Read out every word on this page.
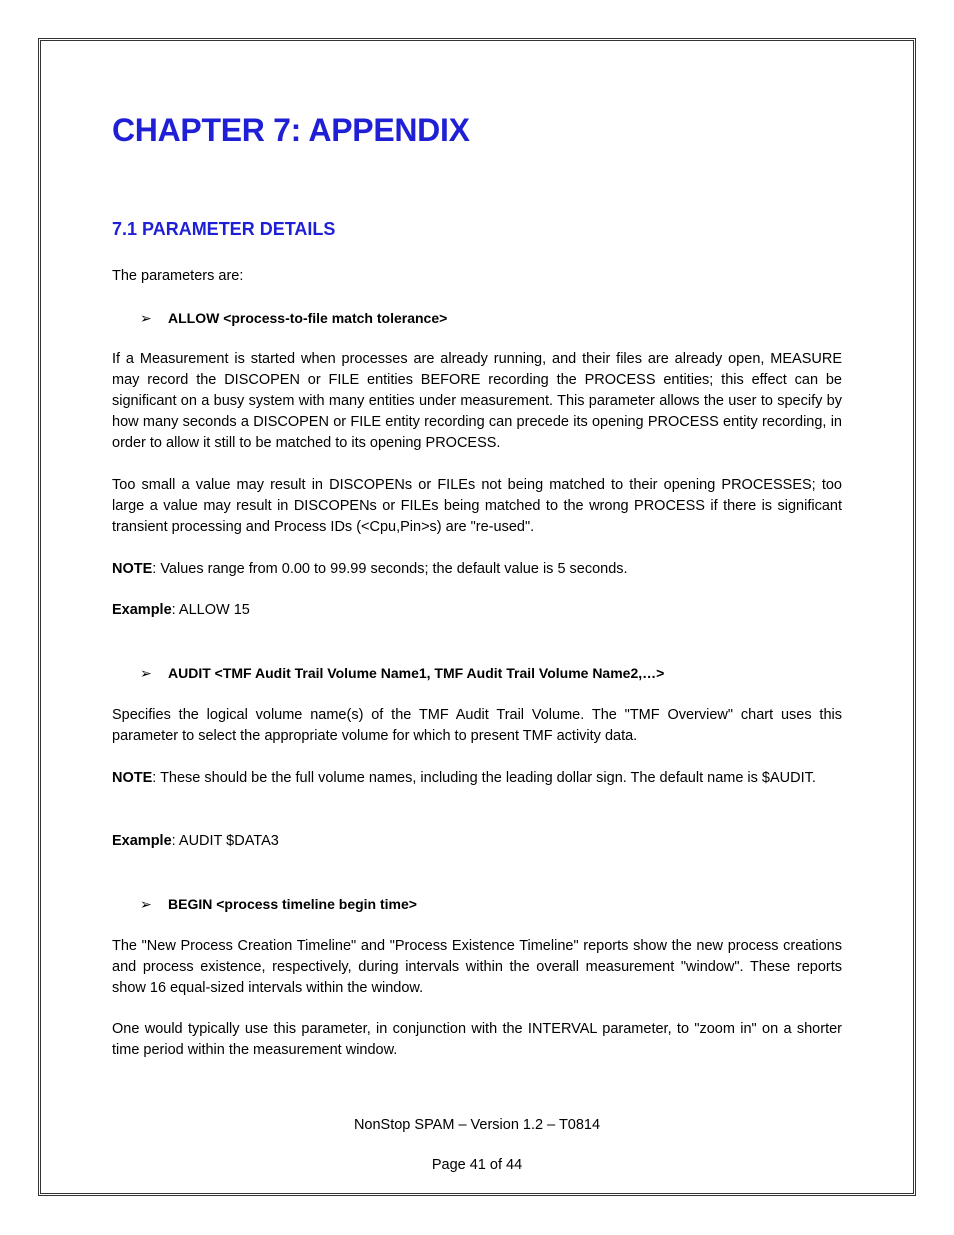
CHAPTER 7: APPENDIX
7.1 PARAMETER DETAILS

The parameters are:

➢ ALLOW <process-to-file match tolerance>

If a Measurement is started when processes are already running, and their files are already open, MEASURE may record the DISCOPEN or FILE entities BEFORE recording the PROCESS entities; this effect can be significant on a busy system with many entities under measurement. This parameter allows the user to specify by how many seconds a DISCOPEN or FILE entity recording can precede its opening PROCESS entity recording, in order to allow it still to be matched to its opening PROCESS.

Too small a value may result in DISCOPENs or FILEs not being matched to their opening PROCESSES; too large a value may result in DISCOPENs or FILEs being matched to the wrong PROCESS if there is significant transient processing and Process IDs (<Cpu,Pin>s) are "re-used".

NOTE: Values range from 0.00 to 99.99 seconds; the default value is 5 seconds.

Example: ALLOW 15

➢ AUDIT <TMF Audit Trail Volume Name1, TMF Audit Trail Volume Name2,…>

Specifies the logical volume name(s) of the TMF Audit Trail Volume. The "TMF Overview" chart uses this parameter to select the appropriate volume for which to present TMF activity data.

NOTE: These should be the full volume names, including the leading dollar sign. The default name is $AUDIT.

Example: AUDIT $DATA3

➢ BEGIN <process timeline begin time>

The "New Process Creation Timeline" and "Process Existence Timeline" reports show the new process creations and process existence, respectively, during intervals within the overall measurement "window". These reports show 16 equal-sized intervals within the window.

One would typically use this parameter, in conjunction with the INTERVAL parameter, to "zoom in" on a shorter time period within the measurement window.

NonStop SPAM – Version 1.2 – T0814

Page 41 of 44
